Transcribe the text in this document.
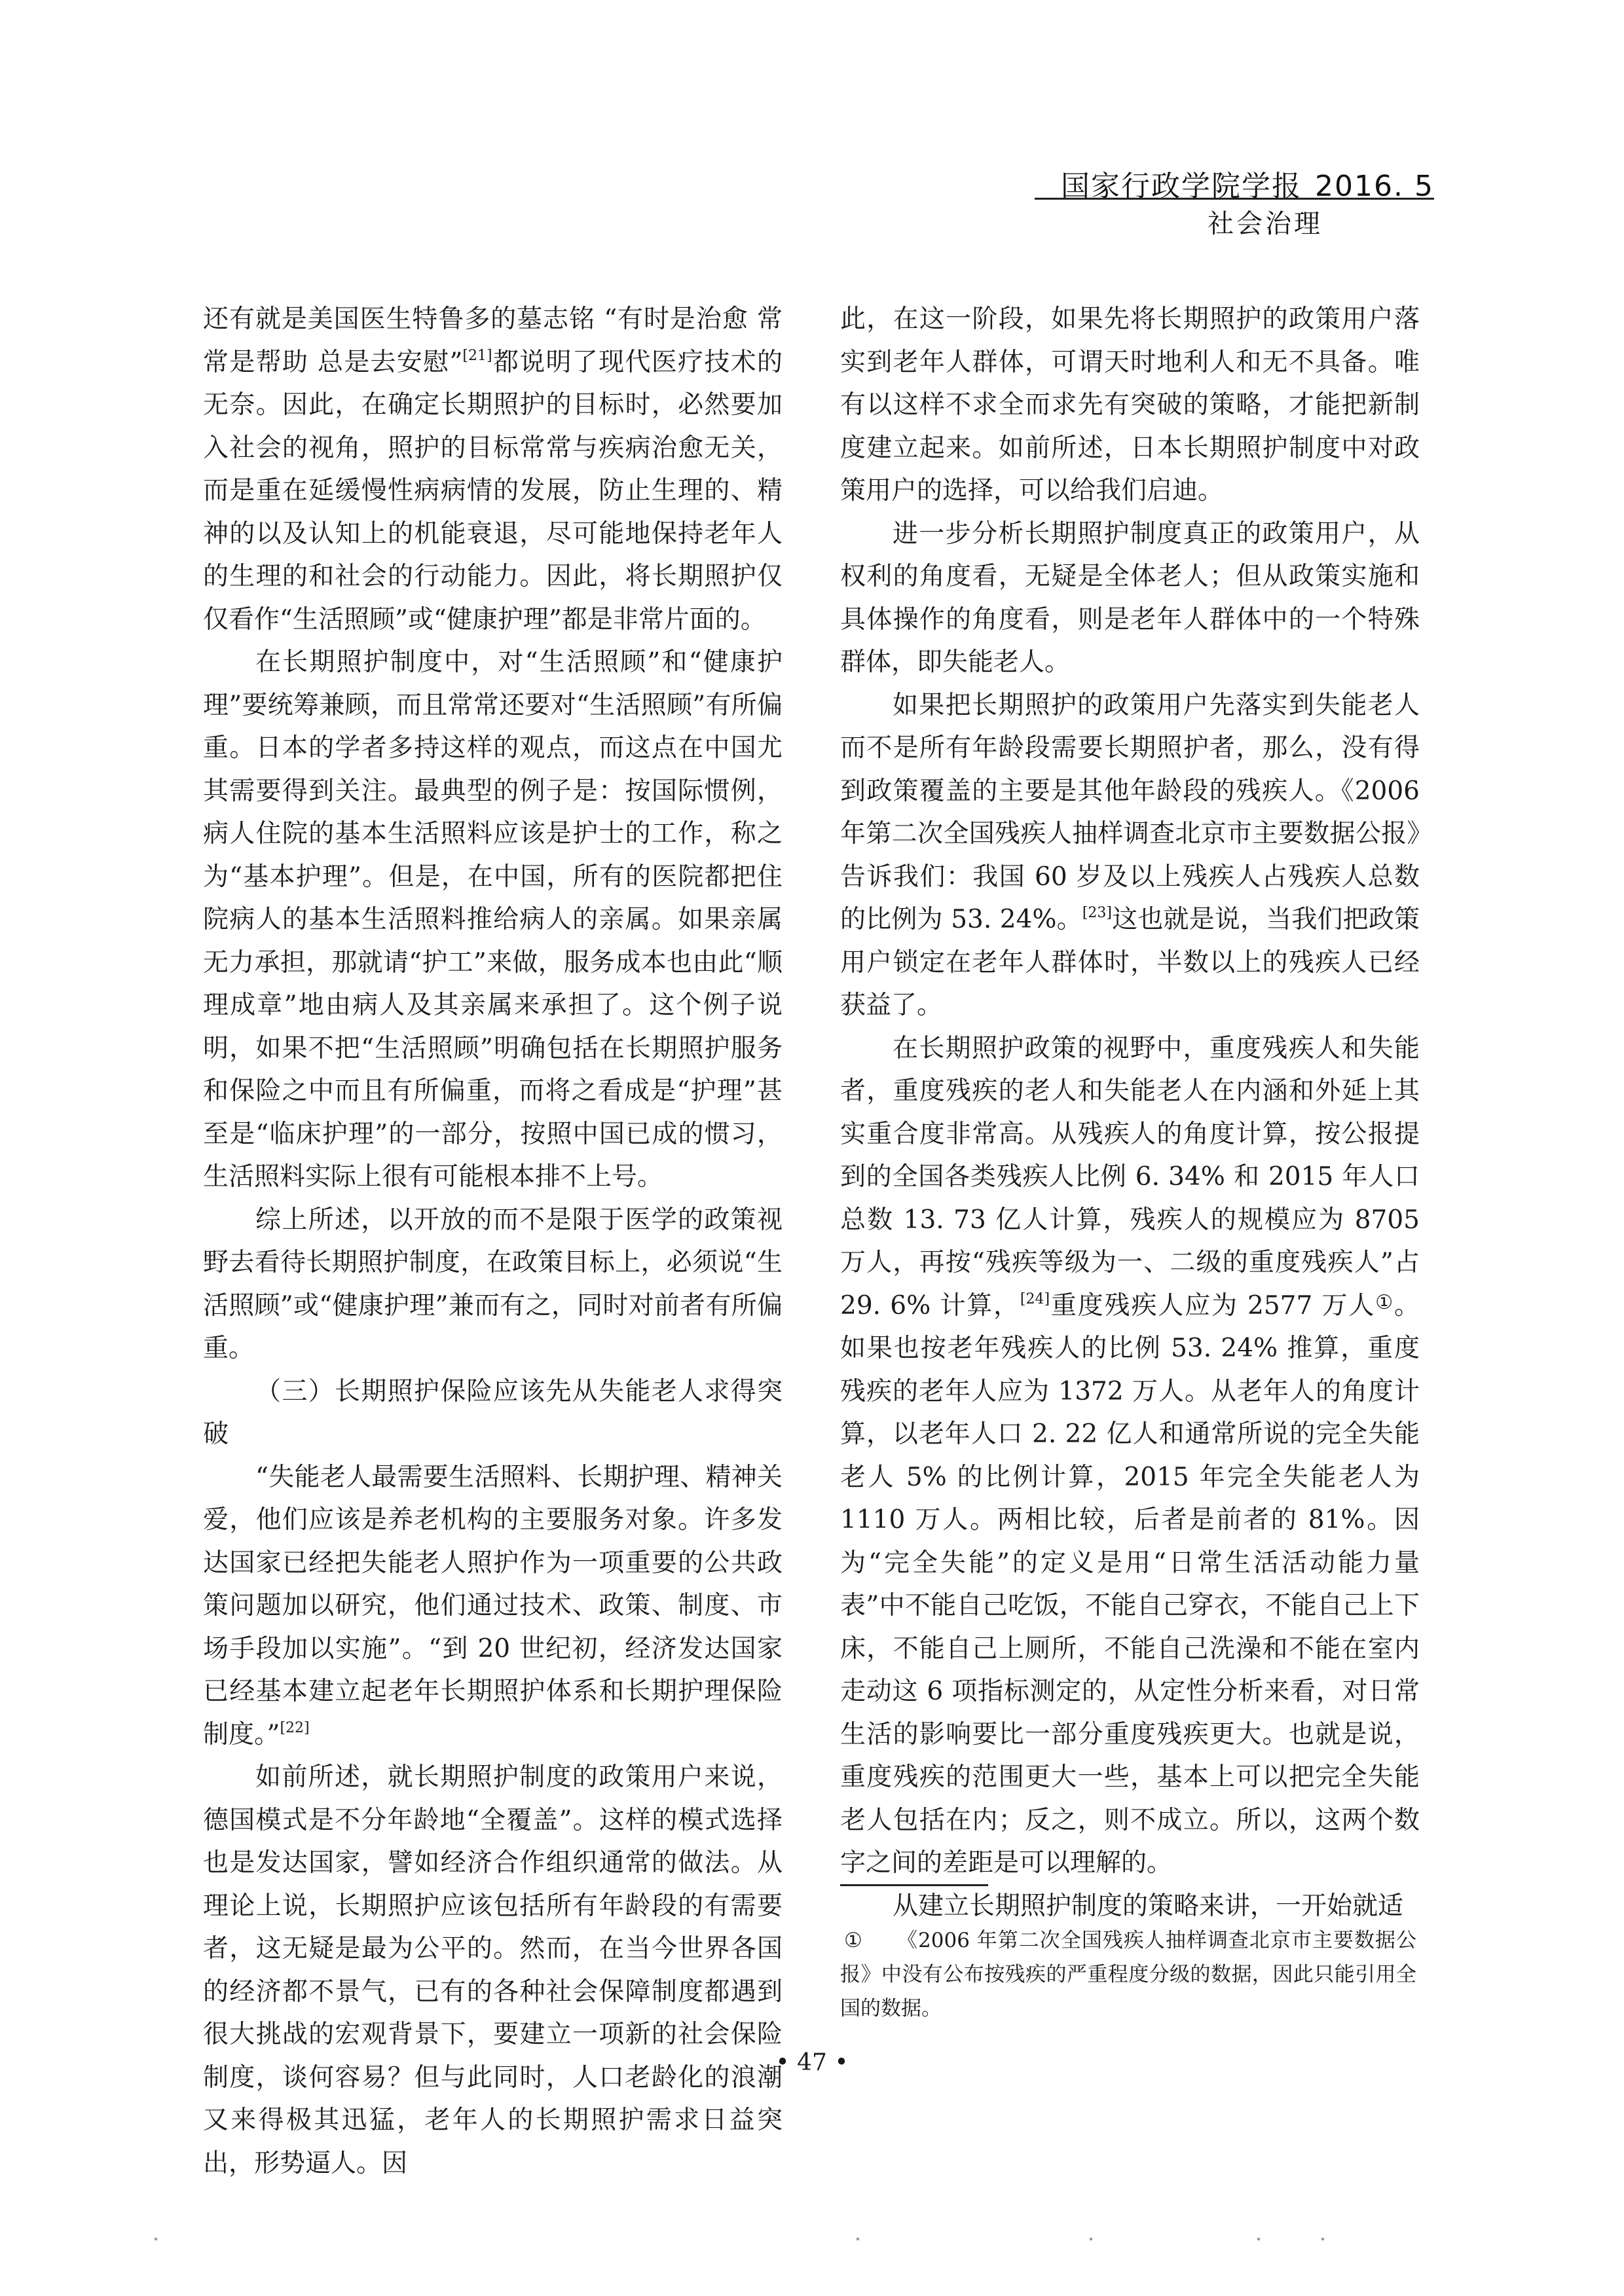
国家行政学院学报 2016. 5
社会治理

还有就是美国医生特鲁多的墓志铭 “有时是治愈 常常是帮助 总是去安慰”[21]都说明了现代医疗技术的无奈。因此，在确定长期照护的目标时，必然要加入社会的视角，照护的目标常常与疾病治愈无关，而是重在延缓慢性病病情的发展，防止生理的、精神的以及认知上的机能衰退，尽可能地保持老年人的生理的和社会的行动能力。因此，将长期照护仅仅看作“生活照顾”或“健康护理”都是非常片面的。

在长期照护制度中，对“生活照顾”和“健康护理”要统筹兼顾，而且常常还要对“生活照顾”有所偏重。日本的学者多持这样的观点，而这点在中国尤其需要得到关注。最典型的例子是：按国际惯例，病人住院的基本生活照料应该是护士的工作，称之为“基本护理”。但是，在中国，所有的医院都把住院病人的基本生活照料推给病人的亲属。如果亲属无力承担，那就请“护工”来做，服务成本也由此“顺理成章”地由病人及其亲属来承担了。这个例子说明，如果不把“生活照顾”明确包括在长期照护服务和保险之中而且有所偏重，而将之看成是“护理”甚至是“临床护理”的一部分，按照中国已成的惯习，生活照料实际上很有可能根本排不上号。

综上所述，以开放的而不是限于医学的政策视野去看待长期照护制度，在政策目标上，必须说“生活照顾”或“健康护理”兼而有之，同时对前者有所偏重。

（三）长期照护保险应该先从失能老人求得突破

“失能老人最需要生活照料、长期护理、精神关爱，他们应该是养老机构的主要服务对象。许多发达国家已经把失能老人照护作为一项重要的公共政策问题加以研究，他们通过技术、政策、制度、市场手段加以实施”。“到 20 世纪初，经济发达国家已经基本建立起老年长期照护体系和长期护理保险制度。”[22]

如前所述，就长期照护制度的政策用户来说，德国模式是不分年龄地“全覆盖”。这样的模式选择也是发达国家，譬如经济合作组织通常的做法。从理论上说，长期照护应该包括所有年龄段的有需要者，这无疑是最为公平的。然而，在当今世界各国的经济都不景气，已有的各种社会保障制度都遇到很大挑战的宏观背景下，要建立一项新的社会保险制度，谈何容易？但与此同时，人口老龄化的浪潮又来得极其迅猛，老年人的长期照护需求日益突出，形势逼人。因

此，在这一阶段，如果先将长期照护的政策用户落实到老年人群体，可谓天时地利人和无不具备。唯有以这样不求全而求先有突破的策略，才能把新制度建立起来。如前所述，日本长期照护制度中对政策用户的选择，可以给我们启迪。

进一步分析长期照护制度真正的政策用户，从权利的角度看，无疑是全体老人；但从政策实施和具体操作的角度看，则是老年人群体中的一个特殊群体，即失能老人。

如果把长期照护的政策用户先落实到失能老人而不是所有年龄段需要长期照护者，那么，没有得到政策覆盖的主要是其他年龄段的残疾人。《2006 年第二次全国残疾人抽样调查北京市主要数据公报》告诉我们：我国 60 岁及以上残疾人占残疾人总数的比例为 53. 24%。[23]这也就是说，当我们把政策用户锁定在老年人群体时，半数以上的残疾人已经获益了。

在长期照护政策的视野中，重度残疾人和失能者，重度残疾的老人和失能老人在内涵和外延上其实重合度非常高。从残疾人的角度计算，按公报提到的全国各类残疾人比例 6. 34% 和 2015 年人口总数 13. 73 亿人计算，残疾人的规模应为 8705 万人，再按“残疾等级为一、二级的重度残疾人”占 29. 6% 计算，[24]重度残疾人应为 2577 万人①。如果也按老年残疾人的比例 53. 24% 推算，重度残疾的老年人应为 1372 万人。从老年人的角度计算，以老年人口 2. 22 亿人和通常所说的完全失能老人 5% 的比例计算，2015 年完全失能老人为 1110 万人。两相比较，后者是前者的 81%。因为“完全失能”的定义是用“日常生活活动能力量表”中不能自己吃饭，不能自己穿衣，不能自己上下床，不能自己上厕所，不能自己洗澡和不能在室内走动这 6 项指标测定的，从定性分析来看，对日常生活的影响要比一部分重度残疾更大。也就是说，重度残疾的范围更大一些，基本上可以把完全失能老人包括在内；反之，则不成立。所以，这两个数字之间的差距是可以理解的。

从建立长期照护制度的策略来讲，一开始就适

① 《2006 年第二次全国残疾人抽样调查北京市主要数据公报》中没有公布按残疾的严重程度分级的数据，因此只能引用全国的数据。
• 47 •
